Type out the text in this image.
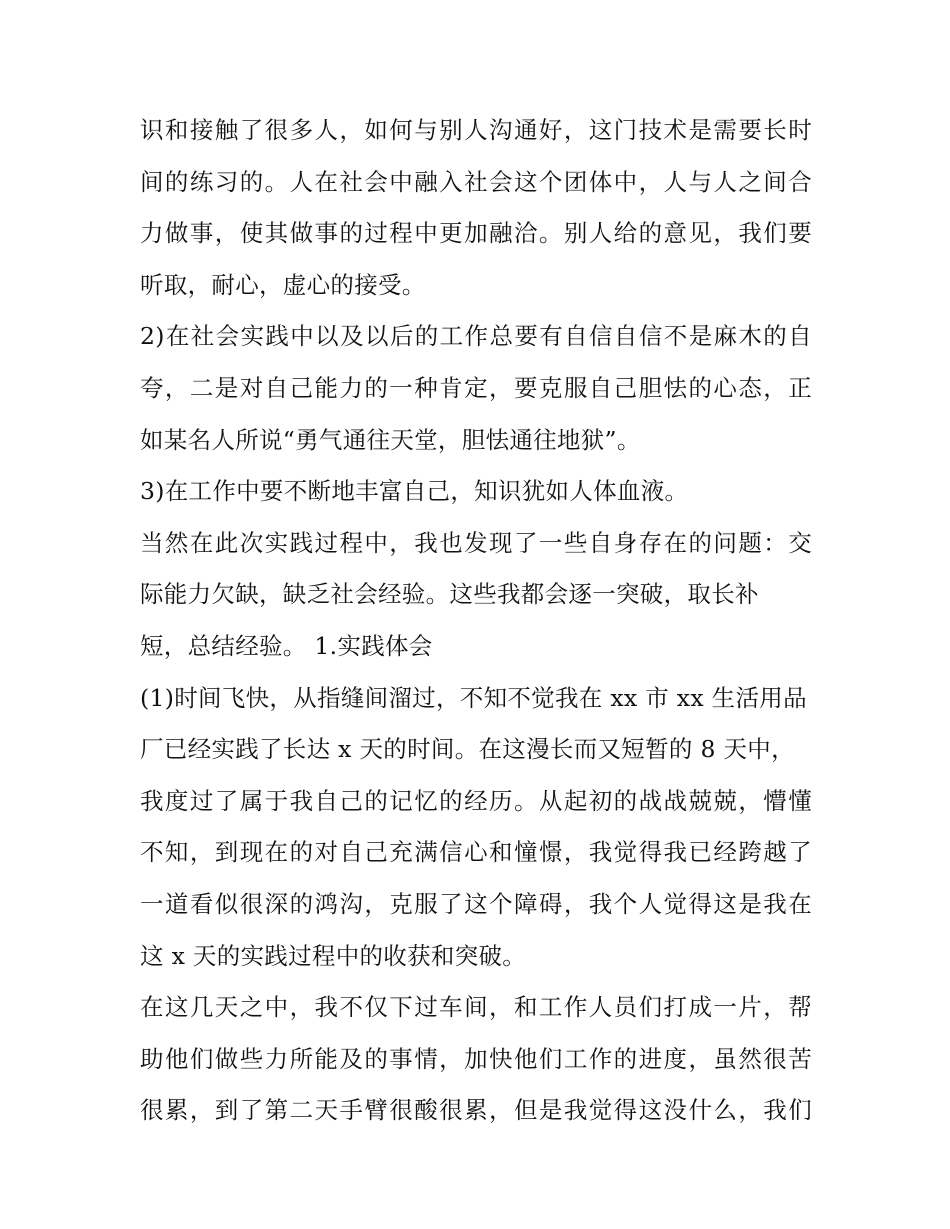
识和接触了很多人，如何与别人沟通好，这门技术是需要长时
间的练习的。人在社会中融入社会这个团体中，人与人之间合
力做事，使其做事的过程中更加融洽。别人给的意见，我们要
听取，耐心，虚心的接受。
2)在社会实践中以及以后的工作总要有自信自信不是麻木的自
夸，二是对自己能力的一种肯定，要克服自己胆怯的心态，正
如某名人所说“勇气通往天堂，胆怯通往地狱”。
3)在工作中要不断地丰富自己，知识犹如人体血液。
当然在此次实践过程中，我也发现了一些自身存在的问题：交
际能力欠缺，缺乏社会经验。这些我都会逐一突破，取长补
短，总结经验。 1.实践体会
(1)时间飞快，从指缝间溜过，不知不觉我在 xx 市 xx 生活用品
厂已经实践了长达 x 天的时间。在这漫长而又短暂的 8 天中，
我度过了属于我自己的记忆的经历。从起初的战战兢兢，懵懂
不知，到现在的对自己充满信心和憧憬，我觉得我已经跨越了
一道看似很深的鸿沟，克服了这个障碍，我个人觉得这是我在
这 x 天的实践过程中的收获和突破。
在这几天之中，我不仅下过车间，和工作人员们打成一片，帮
助他们做些力所能及的事情，加快他们工作的进度，虽然很苦
很累，到了第二天手臂很酸很累，但是我觉得这没什么，我们
